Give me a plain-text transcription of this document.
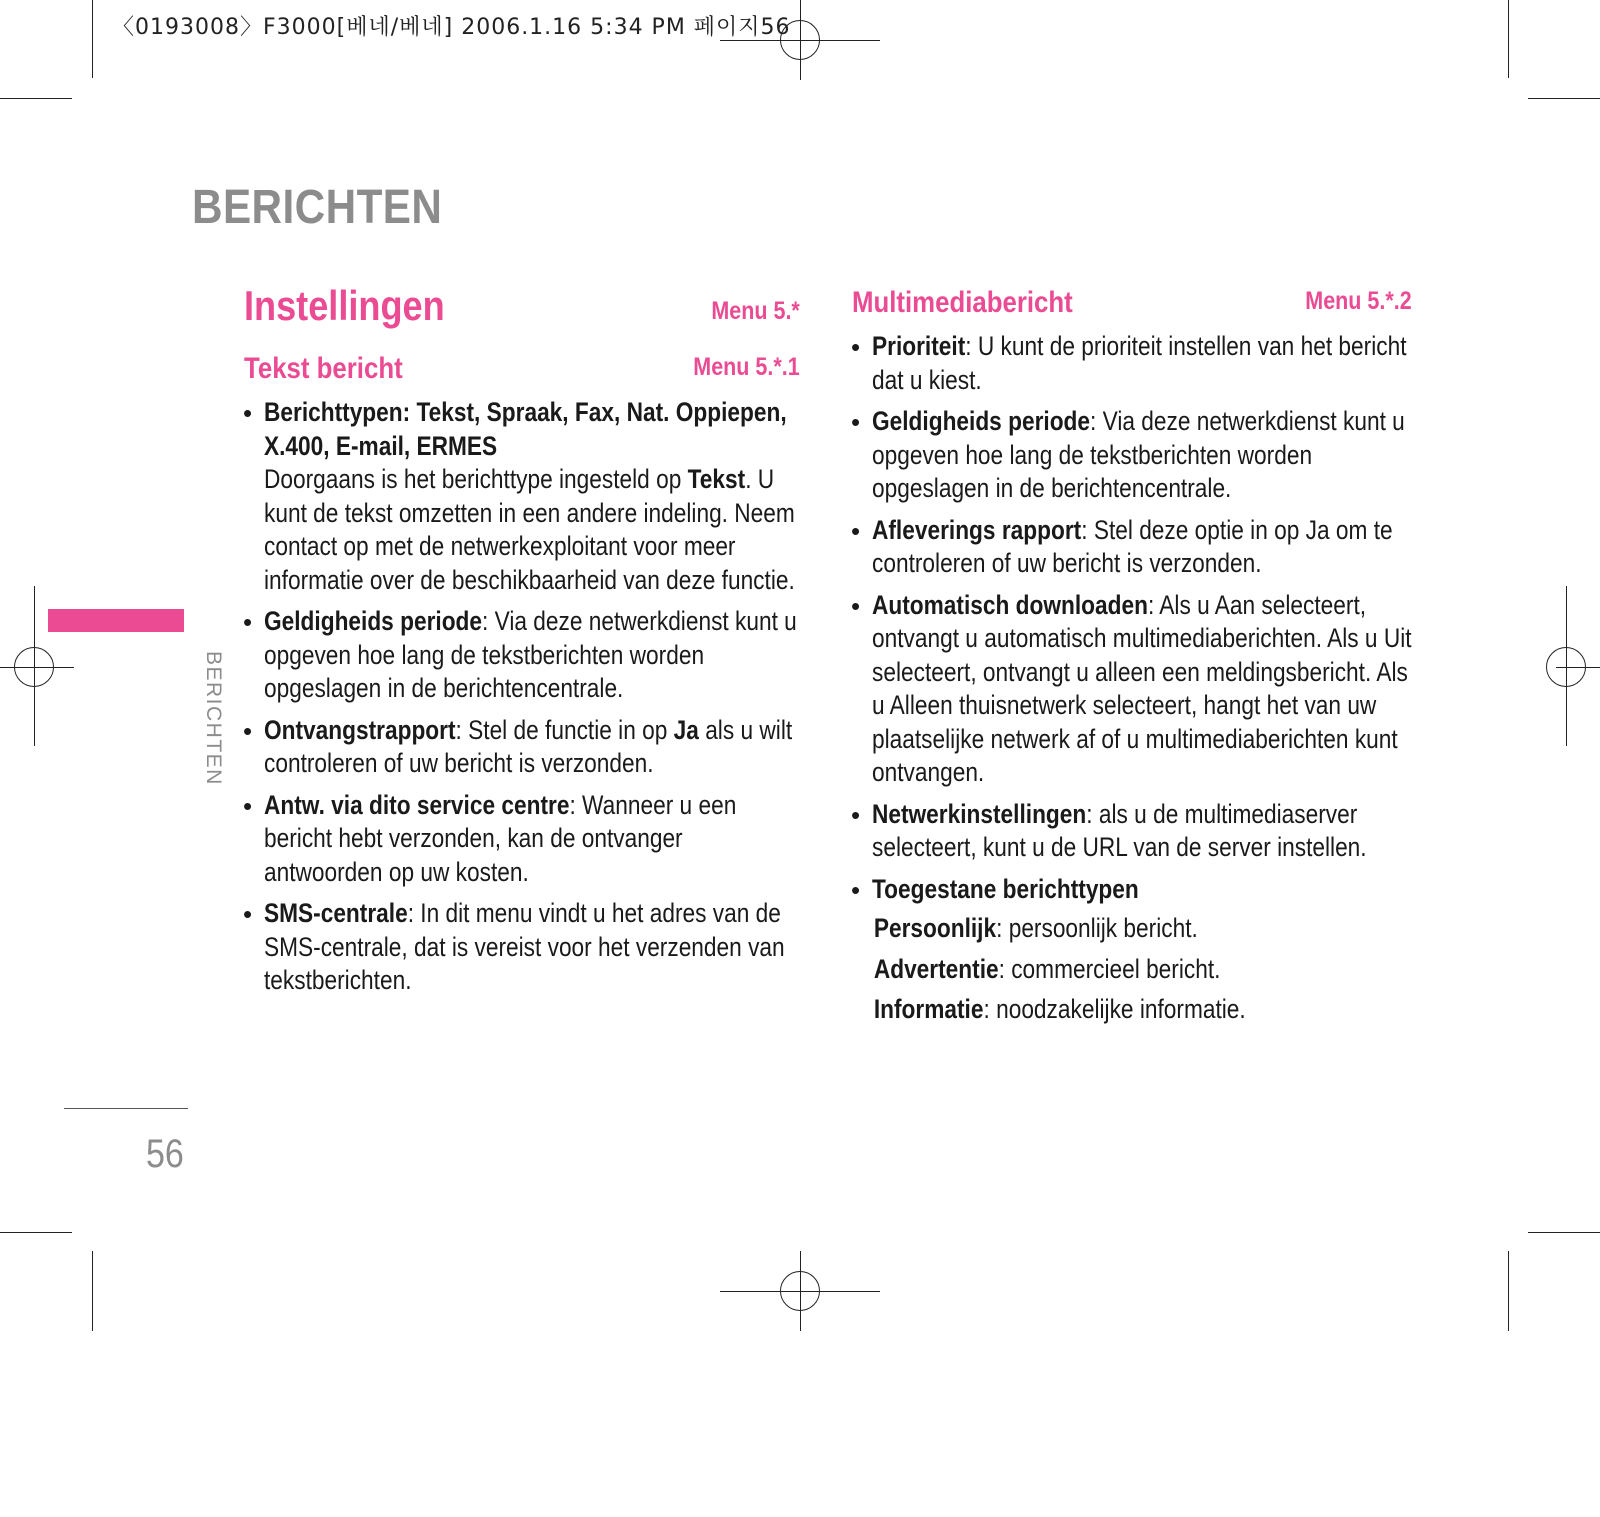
〈0193008〉F3000[베네/베네] 2006.1.16 5:34 PM 페이지56
BERICHTEN
BERICHTEN
56
Instellingen	Menu 5.*
Tekst bericht	Menu 5.*.1
• Berichttypen: Tekst, Spraak, Fax, Nat. Oppiepen, X.400, E-mail, ERMES
Doorgaans is het berichttype ingesteld op Tekst. U kunt de tekst omzetten in een andere indeling. Neem contact op met de netwerkexploitant voor meer informatie over de beschikbaarheid van deze functie.
• Geldigheids periode: Via deze netwerkdienst kunt u opgeven hoe lang de tekstberichten worden opgeslagen in de berichtencentrale.
• Ontvangstrapport: Stel de functie in op Ja als u wilt controleren of uw bericht is verzonden.
• Antw. via dito service centre: Wanneer u een bericht hebt verzonden, kan de ontvanger antwoorden op uw kosten.
• SMS-centrale: In dit menu vindt u het adres van de SMS-centrale, dat is vereist voor het verzenden van tekstberichten.
Multimediabericht	Menu 5.*.2
• Prioriteit: U kunt de prioriteit instellen van het bericht dat u kiest.
• Geldigheids periode: Via deze netwerkdienst kunt u opgeven hoe lang de tekstberichten worden opgeslagen in de berichtencentrale.
• Afleverings rapport: Stel deze optie in op Ja om te controleren of uw bericht is verzonden.
• Automatisch downloaden: Als u Aan selecteert, ontvangt u automatisch multimediaberichten. Als u Uit selecteert, ontvangt u alleen een meldingsbericht. Als u Alleen thuisnetwerk selecteert, hangt het van uw plaatselijke netwerk af of u multimediaberichten kunt ontvangen.
• Netwerkinstellingen: als u de multimediaserver selecteert, kunt u de URL van de server instellen.
• Toegestane berichttypen
Persoonlijk: persoonlijk bericht.
Advertentie: commercieel bericht.
Informatie: noodzakelijke informatie.
